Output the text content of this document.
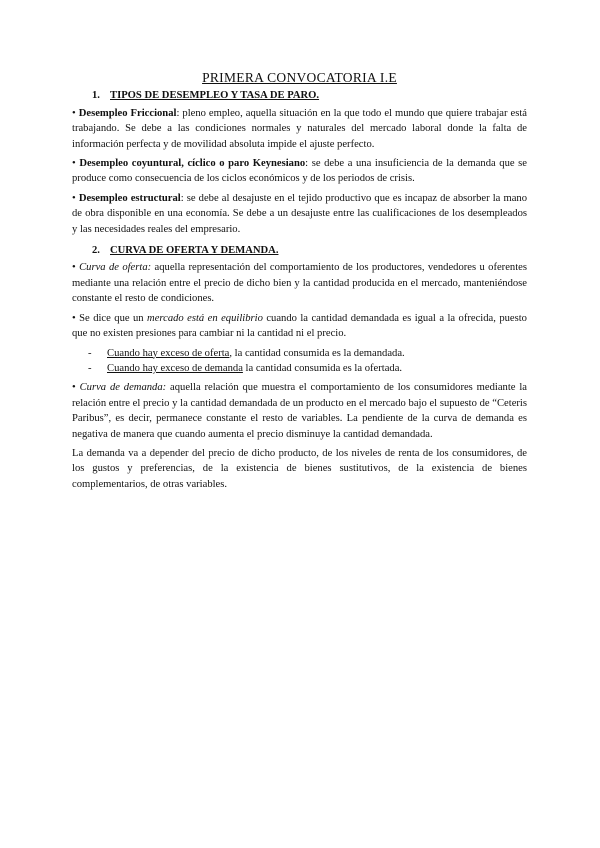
PRIMERA CONVOCATORIA I.E
1. TIPOS DE DESEMPLEO Y TASA DE PARO.

• Desempleo Friccional: pleno empleo, aquella situación en la que todo el mundo que quiere trabajar está trabajando. Se debe a las condiciones normales y naturales del mercado laboral donde la falta de información perfecta y de movilidad absoluta impide el ajuste perfecto.

• Desempleo coyuntural, cíclico o paro Keynesiano: se debe a una insuficiencia de la demanda que se produce como consecuencia de los ciclos económicos y de los periodos de crisis.

• Desempleo estructural: se debe al desajuste en el tejido productivo que es incapaz de absorber la mano de obra disponible en una economía. Se debe a un desajuste entre las cualificaciones de los desempleados y las necesidades reales del empresario.

2. CURVA DE OFERTA Y DEMANDA.

• Curva de oferta: aquella representación del comportamiento de los productores, vendedores u oferentes mediante una relación entre el precio de dicho bien y la cantidad producida en el mercado, manteniéndose constante el resto de condiciones.

• Se dice que un mercado está en equilibrio cuando la cantidad demandada es igual a la ofrecida, puesto que no existen presiones para cambiar ni la cantidad ni el precio.

- Cuando hay exceso de oferta, la cantidad consumida es la demandada.
- Cuando hay exceso de demanda la cantidad consumida es la ofertada.

• Curva de demanda: aquella relación que muestra el comportamiento de los consumidores mediante la relación entre el precio y la cantidad demandada de un producto en el mercado bajo el supuesto de “Ceteris Paribus”, es decir, permanece constante el resto de variables. La pendiente de la curva de demanda es negativa de manera que cuando aumenta el precio disminuye la cantidad demandada.

La demanda va a depender del precio de dicho producto, de los niveles de renta de los consumidores, de los gustos y preferencias, de la existencia de bienes sustitutivos, de la existencia de bienes complementarios, de otras variables.
